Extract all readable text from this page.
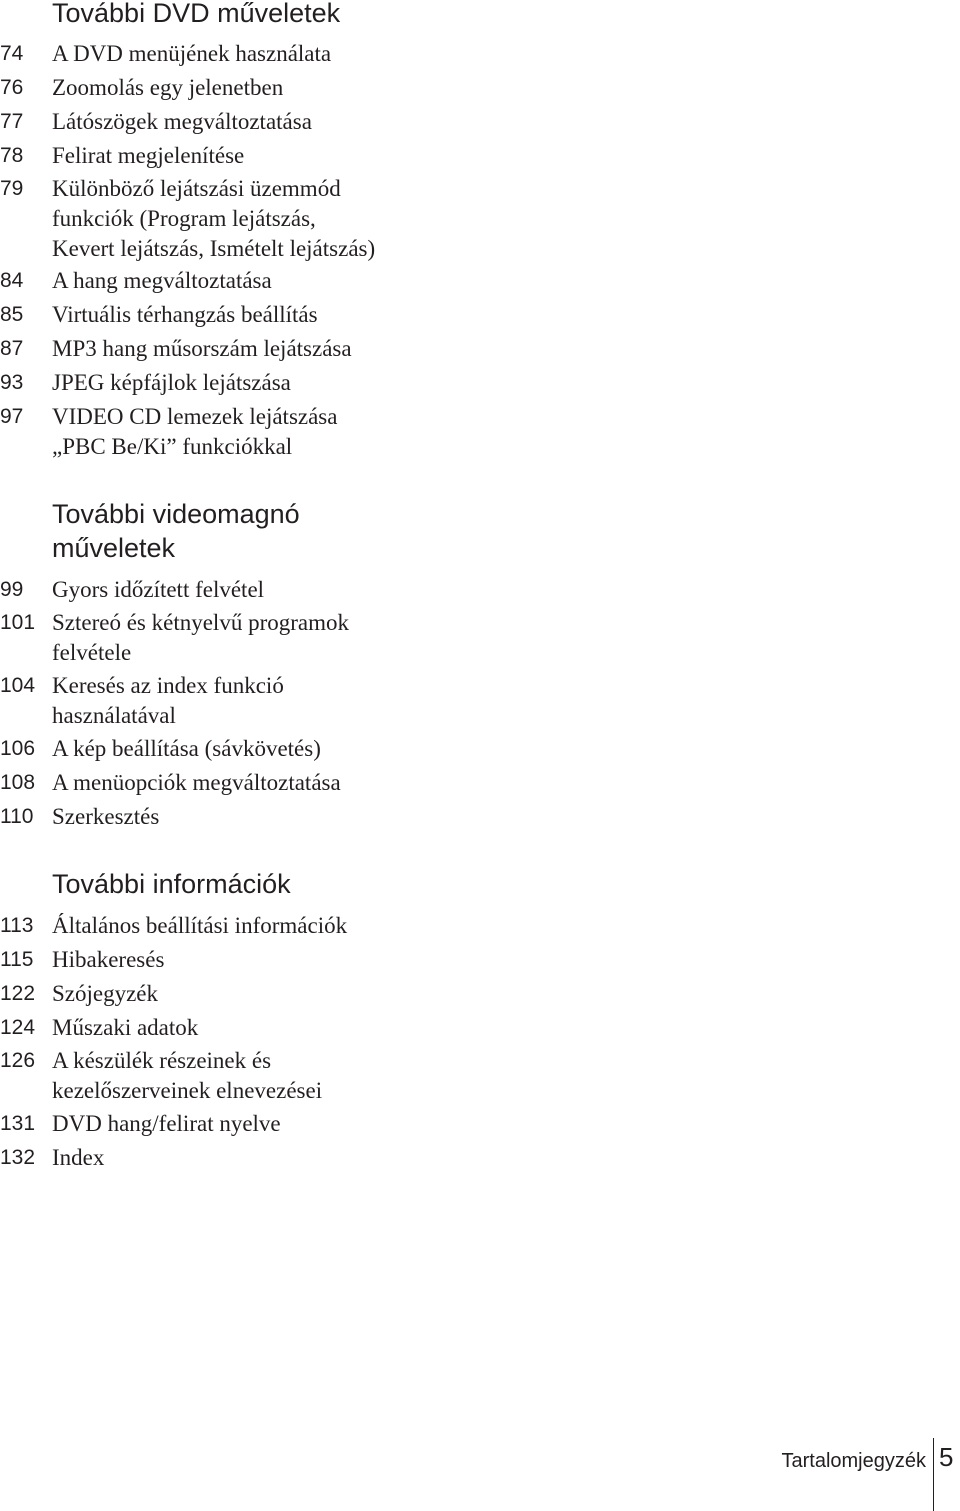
További DVD műveletek
74 A DVD menüjének használata
76 Zoomolás egy jelenetben
77 Látószögek megváltoztatása
78 Felirat megjelenítése
79 Különböző lejátszási üzemmód
funkciók (Program lejátszás,
Kevert lejátszás, Ismételt lejátszás)
84 A hang megváltoztatása
85 Virtuális térhangzás beállítás
87 MP3 hang műsorszám lejátszása
93 JPEG képfájlok lejátszása
97 VIDEO CD lemezek lejátszása
„PBC Be/Ki” funkciókkal
További videomagnó
műveletek
99 Gyors időzített felvétel
101 Sztereó és kétnyelvű programok
felvétele
104 Keresés az index funkció
használatával
106 A kép beállítása (sávkövetés)
108 A menüopciók megváltoztatása
110 Szerkesztés
További információk
113 Általános beállítási információk
115 Hibakeresés
122 Szójegyzék
124 Műszaki adatok
126 A készülék részeinek és
kezelőszerveinek elnevezései
131 DVD hang/felirat nyelve
132 Index
Tartalomjegyzék 5
